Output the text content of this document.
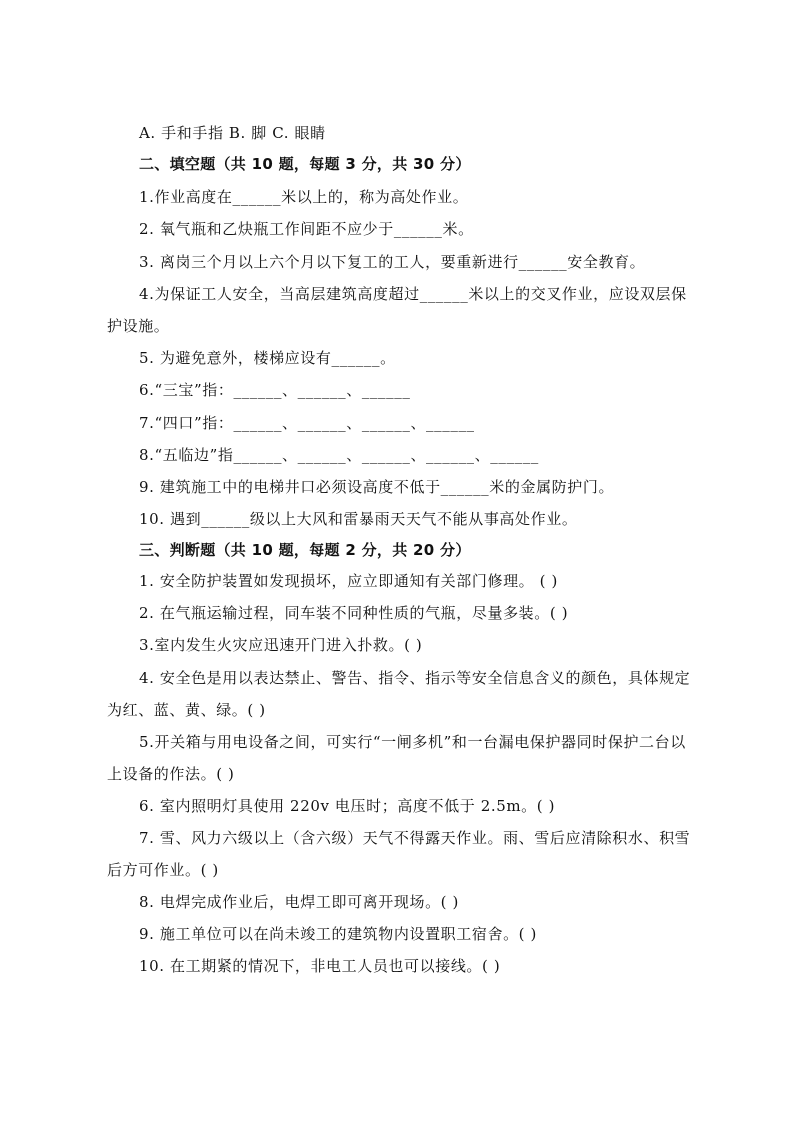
A. 手和手指 B. 脚 C. 眼睛
二、填空题（共 10 题，每题 3 分，共 30 分）
1.作业高度在______米以上的，称为高处作业。
2. 氧气瓶和乙炔瓶工作间距不应少于______米。
3. 离岗三个月以上六个月以下复工的工人，要重新进行______安全教育。
4.为保证工人安全，当高层建筑高度超过______米以上的交叉作业，应设双层保
护设施。
5. 为避免意外，楼梯应设有______。
6.“三宝”指：______、______、______
7.“四口”指：______、______、______、______
8.“五临边”指______、______、______、______、______
9. 建筑施工中的电梯井口必须设高度不低于______米的金属防护门。
10. 遇到______级以上大风和雷暴雨天天气不能从事高处作业。
三、判断题（共 10 题，每题 2 分，共 20 分）
1. 安全防护装置如发现损坏，应立即通知有关部门修理。 ( )
2. 在气瓶运输过程，同车装不同种性质的气瓶，尽量多装。( )
3.室内发生火灾应迅速开门进入扑救。( )
4. 安全色是用以表达禁止、警告、指令、指示等安全信息含义的颜色，具体规定
为红、蓝、黄、绿。( )
5.开关箱与用电设备之间，可实行“一闸多机”和一台漏电保护器同时保护二台以
上设备的作法。( )
6. 室内照明灯具使用 220v 电压时；高度不低于 2.5m。( )
7. 雪、风力六级以上（含六级）天气不得露天作业。雨、雪后应清除积水、积雪
后方可作业。( )
8. 电焊完成作业后，电焊工即可离开现场。( )
9. 施工单位可以在尚未竣工的建筑物内设置职工宿舍。( )
10. 在工期紧的情况下，非电工人员也可以接线。( )
